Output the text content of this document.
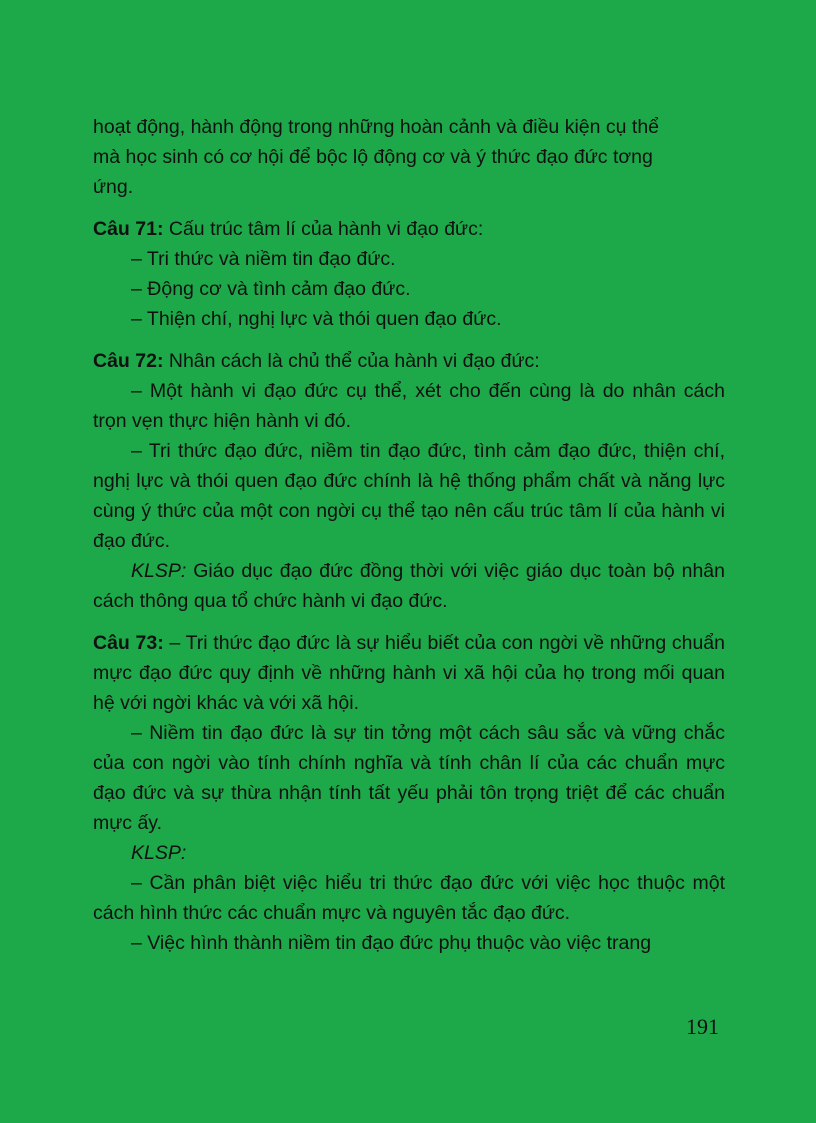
hoạt động, hành động trong những hoàn cảnh và điều kiện cụ thể

mà học sinh có cơ hội để bộc lộ động cơ và ý thức đạo đức tơng

ứng.

Câu 71: Cấu trúc tâm lí của hành vi đạo đức:

– Tri thức và niềm tin đạo đức.

– Động cơ và tình cảm đạo đức.

– Thiện chí, nghị lực và thói quen đạo đức.

Câu 72: Nhân cách là chủ thể của hành vi đạo đức:

– Một hành vi đạo đức cụ thể, xét cho đến cùng là do nhân cách trọn vẹn thực hiện hành vi đó.

– Tri thức đạo đức, niềm tin đạo đức, tình cảm đạo đức, thiện chí, nghị lực và thói quen đạo đức chính là hệ thống phẩm chất và năng lực cùng ý thức của một con ngời cụ thể tạo nên cấu trúc tâm lí của hành vi đạo đức.

KLSP: Giáo dục đạo đức đồng thời với việc giáo dục toàn bộ nhân cách thông qua tổ chức hành vi đạo đức.

Câu 73: – Tri thức đạo đức là sự hiểu biết của con ngời về những chuẩn mực đạo đức quy định về những hành vi xã hội của họ trong mối quan hệ với ngời khác và với xã hội.

– Niềm tin đạo đức là sự tin tởng một cách sâu sắc và vững chắc của con ngời vào tính chính nghĩa và tính chân lí của các chuẩn mực đạo đức và sự thừa nhận tính tất yếu phải tôn trọng triệt để các chuẩn mực ấy.

KLSP:

– Cần phân biệt việc hiểu tri thức đạo đức với việc học thuộc một cách hình thức các chuẩn mực và nguyên tắc đạo đức.

– Việc hình thành niềm tin đạo đức phụ thuộc vào việc trang

191
